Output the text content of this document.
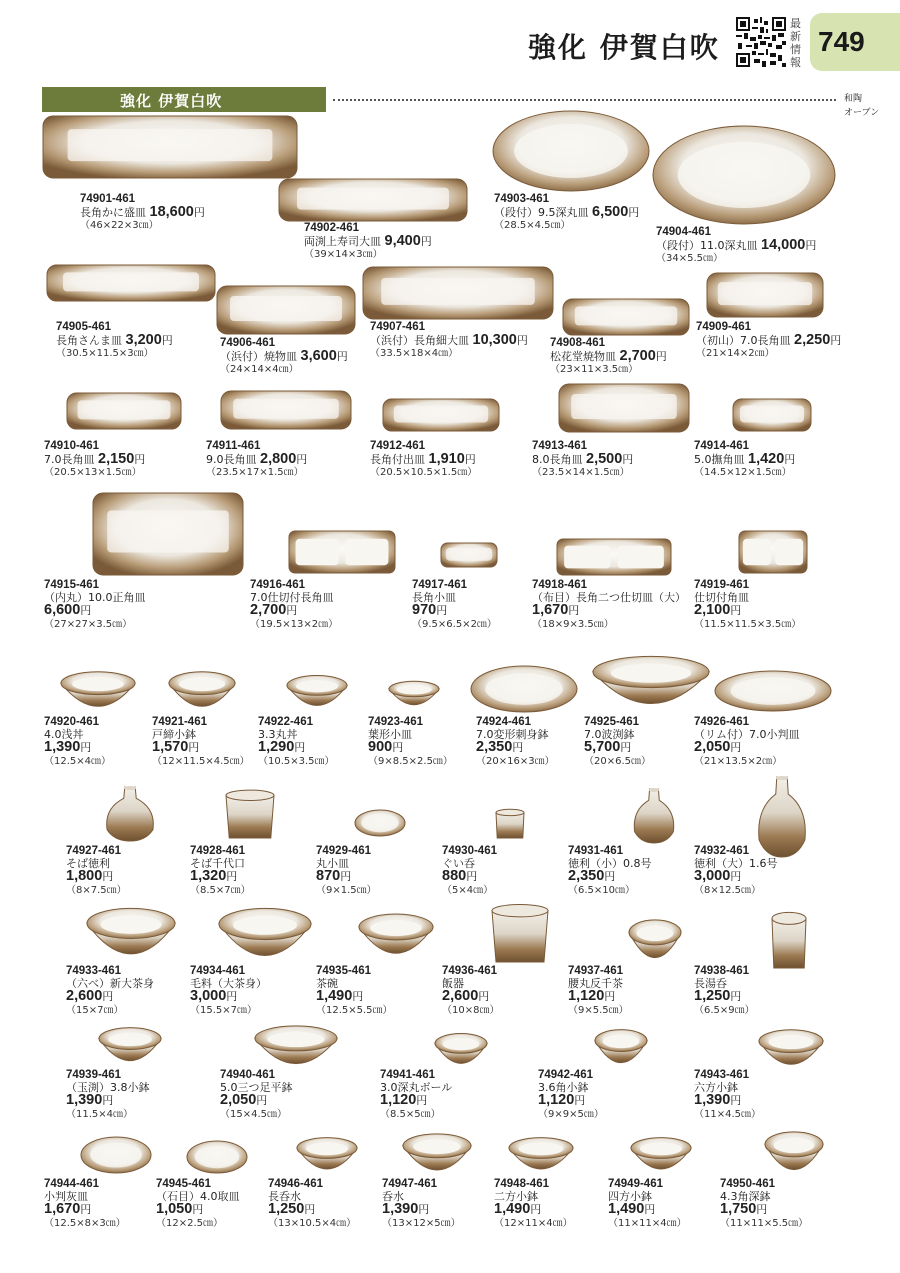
強化 伊賀白吹
最新情報
749
強化 伊賀白吹	和陶
オーブン
74901-461
長角かに盛皿 18,600円
（46×22×3㎝）	74902-461
両渕上寿司大皿 9,400円
（39×14×3㎝）
74903-461
（段付）9.5深丸皿 6,500円
（28.5×4.5㎝）
74904-461
（段付）11.0深丸皿 14,000円
（34×5.5㎝）
74905-461
長角さんま皿 3,200円
（30.5×11.5×3㎝）
74906-461
（浜付）焼物皿 3,600円
（24×14×4㎝）
74907-461
（浜付）長角細大皿 10,300円
（33.5×18×4㎝）
74908-461
松花堂焼物皿 2,700円
（23×11×3.5㎝）
74909-461
（初山）7.0長角皿 2,250円
（21×14×2㎝）
74910-461
7.0長角皿 2,150円
（20.5×13×1.5㎝）
74911-461
9.0長角皿 2,800円
（23.5×17×1.5㎝）
74912-461
長角付出皿 1,910円
（20.5×10.5×1.5㎝）
74913-461
8.0長角皿 2,500円
（23.5×14×1.5㎝）
74914-461
5.0撫角皿 1,420円
（14.5×12×1.5㎝）
74915-461
（内丸）10.0正角皿
6,600円
（27×27×3.5㎝）
74916-461
7.0仕切付長角皿
2,700円
（19.5×13×2㎝）
74917-461
長角小皿
970円
（9.5×6.5×2㎝）
74918-461
（布目）長角二つ仕切皿（大）
1,670円
（18×9×3.5㎝）
74919-461
仕切付角皿
2,100円
（11.5×11.5×3.5㎝）
74920-461
4.0浅丼
1,390円
（12.5×4㎝）
74921-461
戸締小鉢
1,570円
（12×11.5×4.5㎝）
74922-461
3.3丸丼
1,290円
（10.5×3.5㎝）
74923-461
葉形小皿
900円
（9×8.5×2.5㎝）
74924-461
7.0変形刺身鉢
2,350円
（20×16×3㎝）
74925-461
7.0波渕鉢
5,700円
（20×6.5㎝）
74926-461
（リム付）7.0小判皿
2,050円
（21×13.5×2㎝）
74927-461
そば徳利
1,800円
（8×7.5㎝）
74928-461
そば千代口
1,320円
（8.5×7㎝）
74929-461
丸小皿
870円
（9×1.5㎝）
74930-461
ぐい呑
880円
（5×4㎝）
74931-461
徳利（小）0.8号
2,350円
（6.5×10㎝）
74932-461
徳利（大）1.6号
3,000円
（8×12.5㎝）
74933-461
（六べ）新大茶身
2,600円
（15×7㎝）
74934-461
毛料（大茶身）
3,000円
（15.5×7㎝）
74935-461
茶碗
1,490円
（12.5×5.5㎝）
74936-461
飯器
2,600円
（10×8㎝）
74937-461
腰丸反千茶
1,120円
（9×5.5㎝）
74938-461
長湯呑
1,250円
（6.5×9㎝）
74939-461
（玉渕）3.8小鉢
1,390円
（11.5×4㎝）
74940-461
5.0三つ足平鉢
2,050円
（15×4.5㎝）
74941-461
3.0深丸ボール
1,120円
（8.5×5㎝）
74942-461
3.6角小鉢
1,120円
（9×9×5㎝）
74943-461
六方小鉢
1,390円
（11×4.5㎝）
74944-461
小判灰皿
1,670円
（12.5×8×3㎝）
74945-461
（石目）4.0取皿
1,050円
（12×2.5㎝）
74946-461
長呑水
1,250円
（13×10.5×4㎝）
74947-461
呑水
1,390円
（13×12×5㎝）
74948-461
二方小鉢
1,490円
（12×11×4㎝）
74949-461
四方小鉢
1,490円
（11×11×4㎝）
74950-461
4.3角深鉢
1,750円
（11×11×5.5㎝）
